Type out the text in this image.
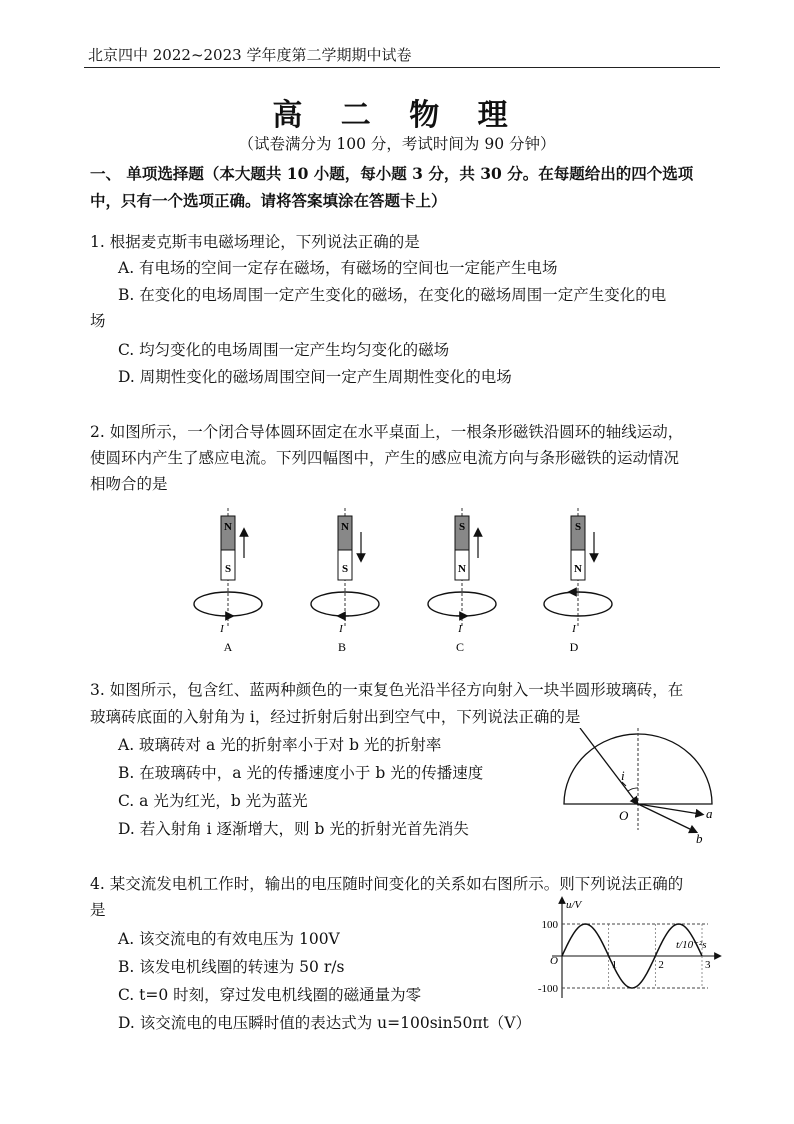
北京四中 2022~2023 学年度第二学期期中试卷
高 二 物 理
（试卷满分为 100 分，考试时间为 90 分钟）
一、 单项选择题（本大题共 10 小题，每小题 3 分，共 30 分。在每题给出的四个选项
中，只有一个选项正确。请将答案填涂在答题卡上）
1. 根据麦克斯韦电磁场理论，下列说法正确的是
A. 有电场的空间一定存在磁场，有磁场的空间也一定能产生电场
B. 在变化的电场周围一定产生变化的磁场，在变化的磁场周围一定产生变化的电
场
C. 均匀变化的电场周围一定产生均匀变化的磁场
D. 周期性变化的磁场周围空间一定产生周期性变化的电场
2. 如图所示，一个闭合导体圆环固定在水平桌面上，一根条形磁铁沿圆环的轴线运动，
使圆环内产生了感应电流。下列四幅图中，产生的感应电流方向与条形磁铁的运动情况
相吻合的是
N
S
I
A
N
S
I
B
S
N
I
C
S
N
I
D
3. 如图所示，包含红、蓝两种颜色的一束复色光沿半径方向射入一块半圆形玻璃砖，在
玻璃砖底面的入射角为 i，经过折射后射出到空气中，下列说法正确的是
A. 玻璃砖对 a 光的折射率小于对 b 光的折射率
B. 在玻璃砖中，a 光的传播速度小于 b 光的传播速度
C. a 光为红光，b 光为蓝光
D. 若入射角 i 逐渐增大，则 b 光的折射光首先消失
i
O	a
b
4. 某交流发电机工作时，输出的电压随时间变化的关系如右图所示。则下列说法正确的
是
A. 该交流电的有效电压为 100V
B. 该发电机线圈的转速为 50 r/s
C. t=0 时刻，穿过发电机线圈的磁通量为零
D. 该交流电的电压瞬时值的表达式为 u=100sin50πt（V）
u/V
t/10⁻²s
O
100
-100
1	2	3
